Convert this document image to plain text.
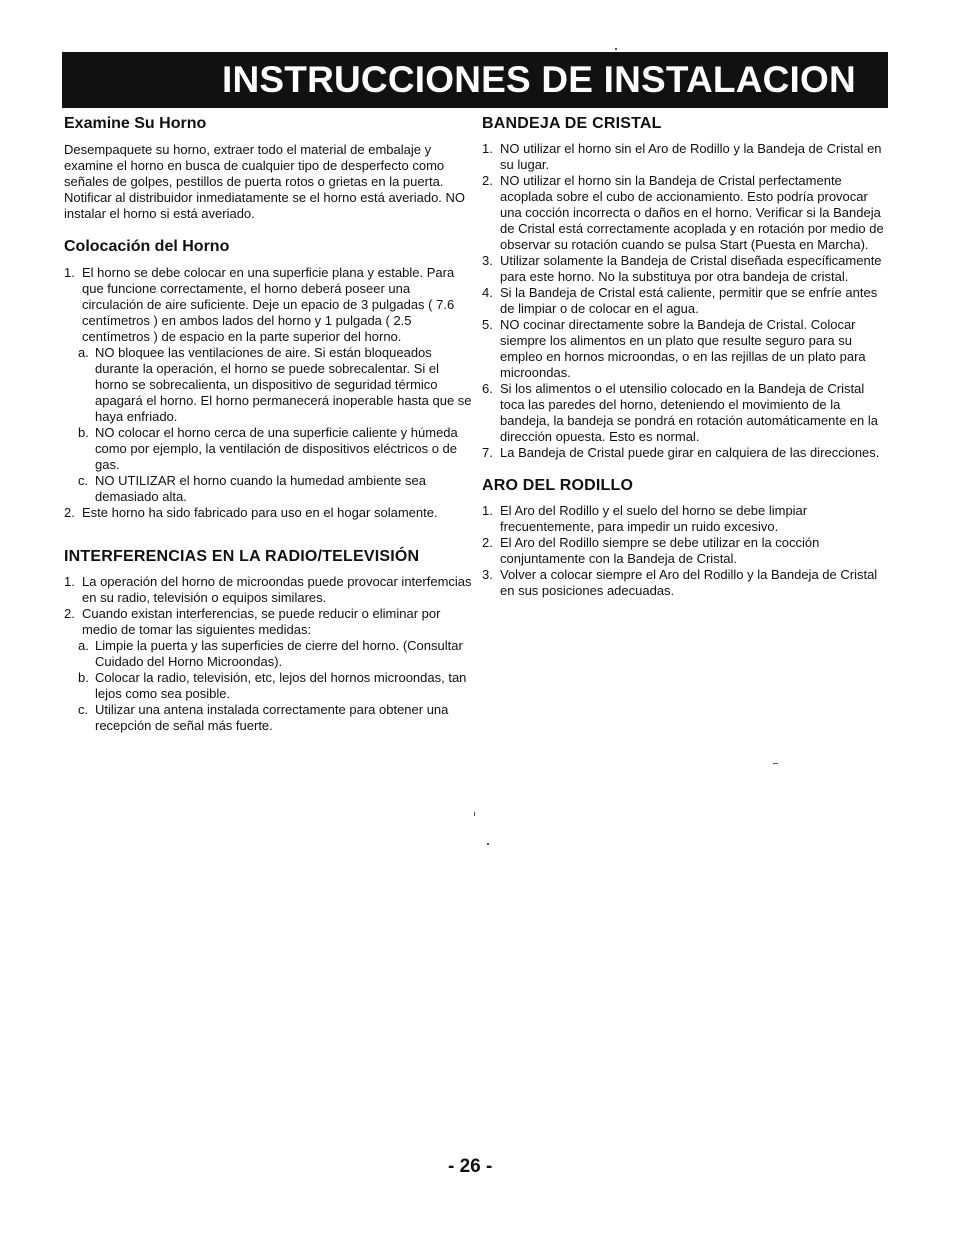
INSTRUCCIONES DE INSTALACION
Examine Su Horno
Desempaquete su horno, extraer todo el material de embalaje y examine el horno en busca de cualquier tipo de desperfecto como señales de golpes, pestillos de puerta rotos o grietas en la puerta. Notificar al distribuidor inmediatamente se el horno está averiado. NO instalar el horno si está averiado.
Colocación del Horno
1. El horno se debe colocar en una superficie plana y estable. Para que funcione correctamente, el horno deberá poseer una circulación de aire suficiente. Deje un epacio de 3 pulgadas ( 7.6 centímetros ) en ambos lados del horno y 1 pulgada ( 2.5 centímetros ) de espacio en la parte superior del horno.
a. NO bloquee las ventilaciones de aire. Si están bloqueados durante la operación, el horno se puede sobrecalentar. Si el horno se sobrecalienta, un dispositivo de seguridad térmico apagará el horno. El horno permanecerá inoperable hasta que se haya enfriado.
b. NO colocar el horno cerca de una superficie caliente y húmeda como por ejemplo, la ventilación de dispositivos eléctricos o de gas.
c. NO UTILIZAR el horno cuando la humedad ambiente sea demasiado alta.
2. Este horno ha sido fabricado para uso en el hogar solamente.
INTERFERENCIAS EN LA RADIO/TELEVISIÓN
1. La operación del horno de microondas puede provocar interfemcias en su radio, televisión o equipos similares.
2. Cuando existan interferencias, se puede reducir o eliminar por medio de tomar las siguientes medidas:
a. Limpie la puerta y las superficies de cierre del horno. (Consultar Cuidado del Horno Microondas).
b. Colocar la radio, televisión, etc, lejos del hornos microondas, tan lejos como sea posible.
c. Utilizar una antena instalada correctamente para obtener una recepción de señal más fuerte.
BANDEJA DE CRISTAL
1. NO utilizar el horno sin el Aro de Rodillo y la Bandeja de Cristal en su lugar.
2. NO utilizar el horno sin la Bandeja de Cristal perfectamente acoplada sobre el cubo de accionamiento. Esto podría provocar una cocción incorrecta o daños en el horno. Verificar si la Bandeja de Cristal está correctamente acoplada y en rotación por medio de observar su rotación cuando se pulsa Start (Puesta en Marcha).
3. Utilizar solamente la Bandeja de Cristal diseñada específicamente para este horno. No la substituya por otra bandeja de cristal.
4. Si la Bandeja de Cristal está caliente, permitir que se enfríe antes de limpiar o de colocar en el agua.
5. NO cocinar directamente sobre la Bandeja de Cristal. Colocar siempre los alimentos en un plato que resulte seguro para su empleo en hornos microondas, o en las rejillas de un plato para microondas.
6. Si los alimentos o el utensilio colocado en la Bandeja de Cristal toca las paredes del horno, deteniendo el movimiento de la bandeja, la bandeja se pondrá en rotación automáticamente en la dirección opuesta. Esto es normal.
7. La Bandeja de Cristal puede girar en calquiera de las direcciones.
ARO DEL RODILLO
1. El Aro del Rodillo y el suelo del horno se debe limpiar frecuentemente, para impedir un ruido excesivo.
2. El Aro del Rodillo siempre se debe utilizar en la cocción conjuntamente con la Bandeja de Cristal.
3. Volver a colocar siempre el Aro del Rodillo y la Bandeja de Cristal en sus posiciones adecuadas.
- 26 -
